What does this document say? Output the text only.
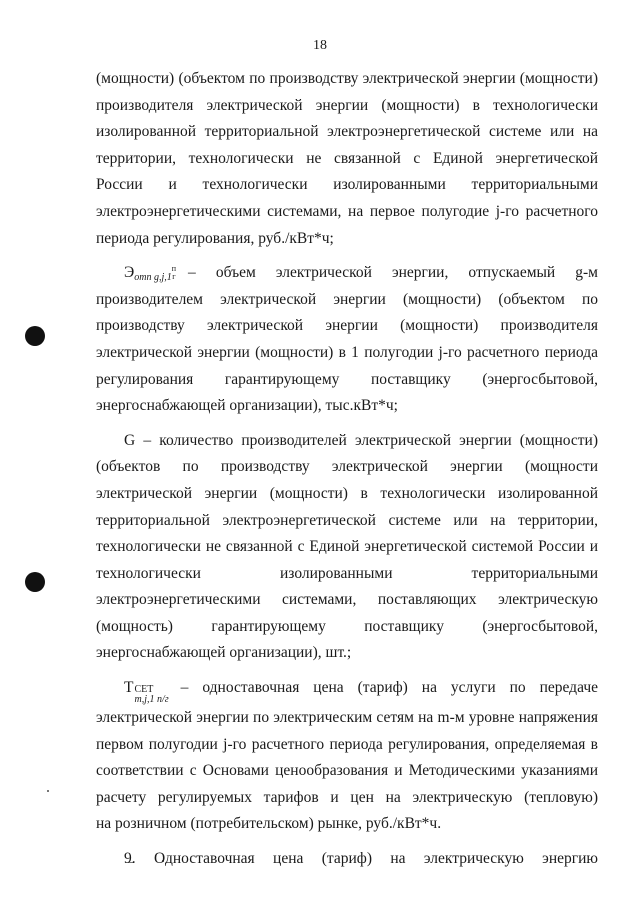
18
(мощности) (объектом по производству электрической энергии (мощности)
производителя электрической энергии (мощности) в технологически
изолированной территориальной электроэнергетической системе или на
территории, технологически не связанной с Единой энергетической
России и технологически изолированными территориальными
электроэнергетическими системами, на первое полугодие j-го расчетного
периода регулирования, руб./кВт*ч;
$Э_{отп g,j,1}п$
г – объем электрической энергии, отпускаемый g-м
производителем электрической энергии (мощности) (объектом по
производству электрической энергии (мощности) производителя
электрической энергии (мощности) в 1 полугодии j-го расчетного периода
регулирования гарантирующему поставщику (энергосбытовой,
энергоснабжающей организации), тыс.кВт*ч;
G – количество производителей электрической энергии (мощности)
(объектов по производству электрической энергии (мощности
электрической энергии (мощности) в технологически изолированной
территориальной электроэнергетической системе или на территории,
технологически не связанной с Единой энергетической системой России и
технологически изолированными территориальными
электроэнергетическими системами, поставляющих электрическую
(мощность) гарантирующему поставщику (энергосбытовой,
энергоснабжающей организации), шт.;
Т СЕТ
m,j,1 п/г
– одноставочная цена (тариф) на услуги по передаче
электрической энергии по электрическим сетям на m-м уровне напряжения
первом полугодии j-го расчетного периода регулирования, определяемая в
соответствии с Основами ценообразования и Методическими указаниями
расчету регулируемых тарифов и цен на электрическую (тепловую)
на розничном (потребительском) рынке, руб./кВт*ч.
9. Одноставочная цена (тариф) на электрическую энергию
